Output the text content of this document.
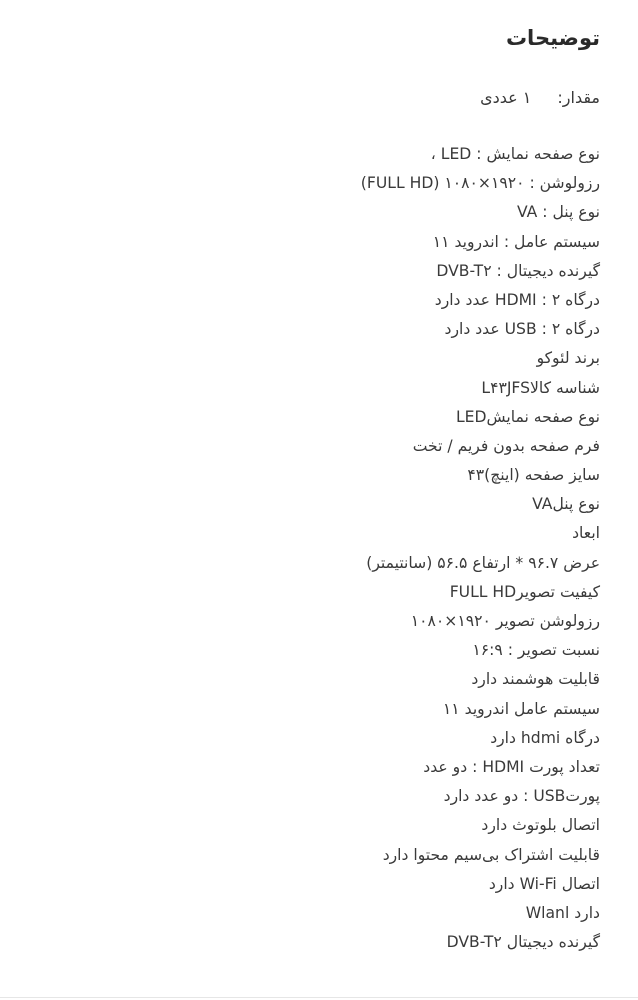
توضیحات
مقدار:
۱ عددی
نوع صفحه نمایش : LED ،
رزولوشن : ۱۹۲۰×۱۰۸۰ (FULL HD)
نوع پنل : VA
سیستم عامل : اندروید ۱۱
گیرنده دیجیتال : DVB-T۲
درگاه ۲ : HDMI عدد دارد
درگاه ۲ : USB عدد دارد
برند لئوکو
شناسه کالاL۴۳JFS
نوع صفحه نمایشLED
فرم صفحه بدون فریم / تخت
سایز صفحه (اینچ)۴۳
نوع پنلVA
ابعاد
عرض ۹۶.۷ * ارتفاع ۵۶.۵ (سانتیمتر)
کیفیت تصویرFULL HD
رزولوشن تصویر ۱۹۲۰×۱۰۸۰
نسبت تصویر : ۱۶:۹
قابلیت هوشمند دارد
سیستم عامل اندروید ۱۱
درگاه hdmi دارد
تعداد پورت HDMI : دو عدد
پورتUSB : دو عدد دارد
اتصال بلوتوث دارد
قابلیت اشتراک بی‌سیم محتوا دارد
اتصال Wi-Fi دارد
Wlanl دارد
گیرنده دیجیتال DVB-T۲
